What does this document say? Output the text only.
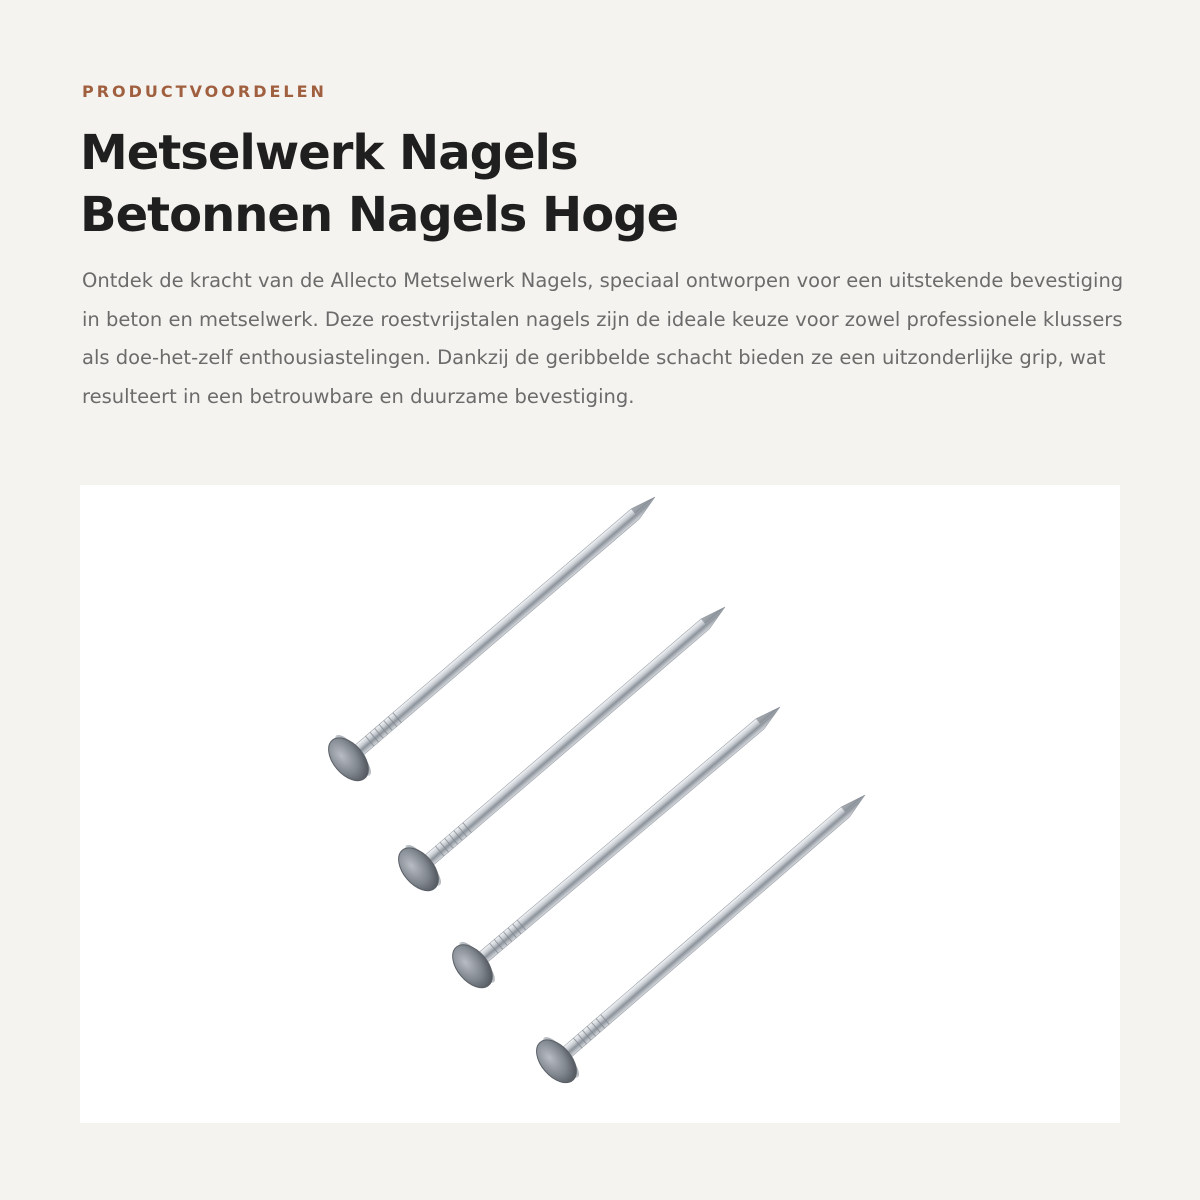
PRODUCTVOORDELEN
Metselwerk Nagels
Betonnen Nagels Hoge

Ontdek de kracht van de Allecto Metselwerk Nagels, speciaal ontworpen voor een uitstekende bevestiging in beton en metselwerk. Deze roestvrijstalen nagels zijn de ideale keuze voor zowel professionele klussers als doe-het-zelf enthousiastelingen. Dankzij de geribbelde schacht bieden ze een uitzonderlijke grip, wat resulteert in een betrouwbare en duurzame bevestiging.
